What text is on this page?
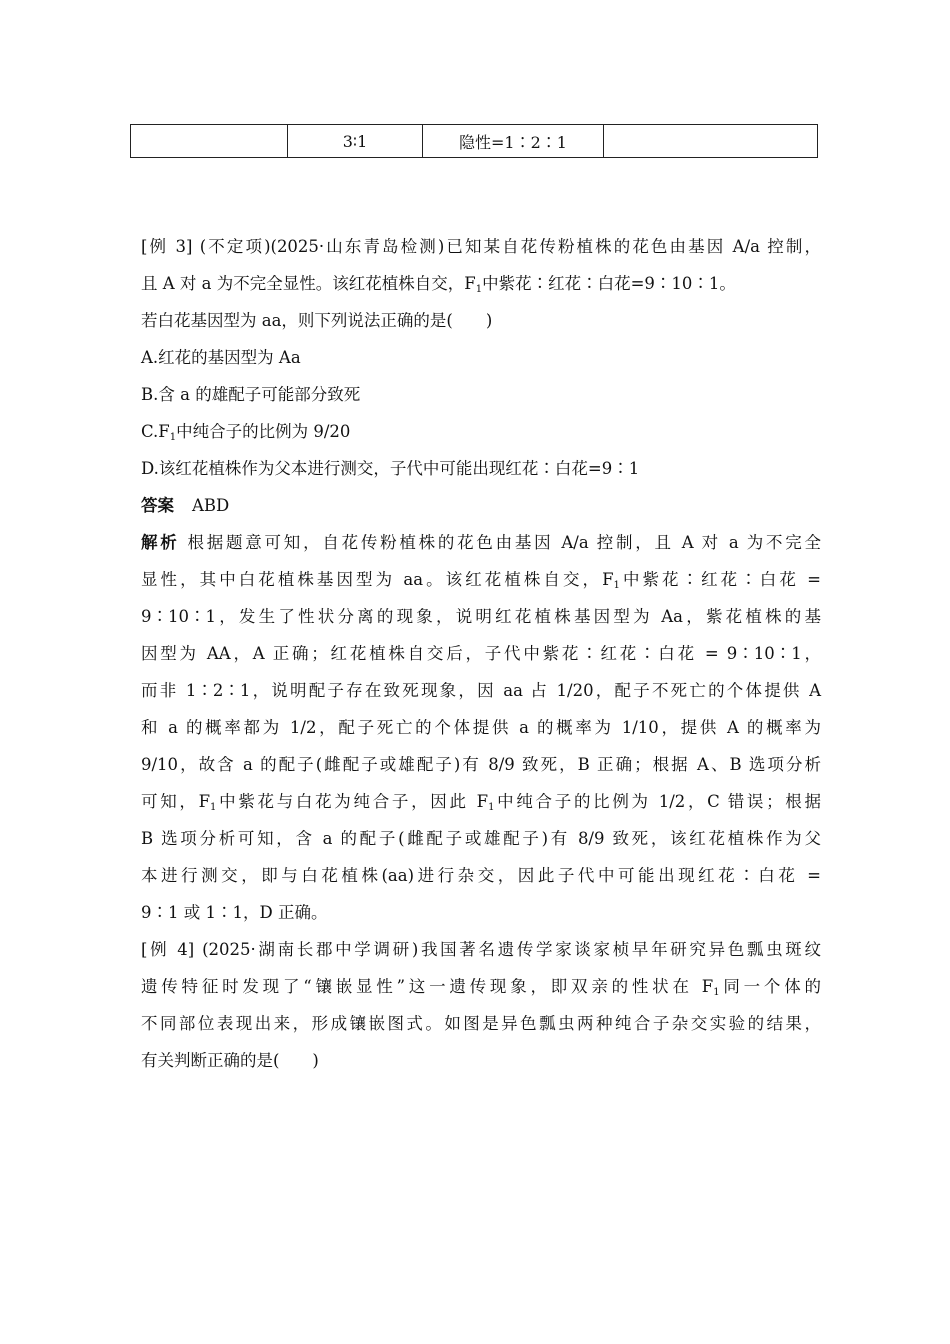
3∶1	隐性=1∶2∶1
[例 3] (不定项)(2025·山东青岛检测)已知某自花传粉植株的花色由基因 A/a 控制，
且 A 对 a 为不完全显性。该红花植株自交，$F_1$中紫花∶红花∶白花=9∶10∶1。
若白花基因型为 aa，则下列说法正确的是(　　)
A.红花的基因型为 Aa
B.含 a 的雄配子可能部分致死
$C.F_1$中纯合子的比例为 9/20
D.该红花植株作为父本进行测交，子代中可能出现红花∶白花=9∶1
答案 ABD
解析 根据题意可知，自花传粉植株的花色由基因 A/a 控制，且 A 对 a 为不完全
显性，其中白花植株基因型为 aa。该红花植株自交，$F_1$中紫花∶红花∶白花 =
9∶10∶1，发生了性状分离的现象，说明红花植株基因型为 Aa，紫花植株的基
因型为 AA，A 正确；红花植株自交后，子代中紫花∶红花∶白花 = 9∶10∶1，
而非 1∶2∶1，说明配子存在致死现象，因 aa 占 1/20，配子不死亡的个体提供 A
和 a 的概率都为 1/2，配子死亡的个体提供 a 的概率为 1/10，提供 A 的概率为
9/10，故含 a 的配子(雌配子或雄配子)有 8/9 致死，B 正确；根据 A、B 选项分析
可知，$F_1$中紫花与白花为纯合子，因此 $F_1$中纯合子的比例为 1/2，C 错误；根据
B 选项分析可知，含 a 的配子(雌配子或雄配子)有 8/9 致死，该红花植株作为父
本进行测交，即与白花植株(aa)进行杂交，因此子代中可能出现红花∶白花 =
9∶1 或 1∶1，D 正确。
[例 4] (2025·湖南长郡中学调研)我国著名遗传学家谈家桢早年研究异色瓢虫斑纹
遗传特征时发现了“镶嵌显性”这一遗传现象，即双亲的性状在 $F_1$同一个体的
不同部位表现出来，形成镶嵌图式。如图是异色瓢虫两种纯合子杂交实验的结果，
有关判断正确的是(　　)
